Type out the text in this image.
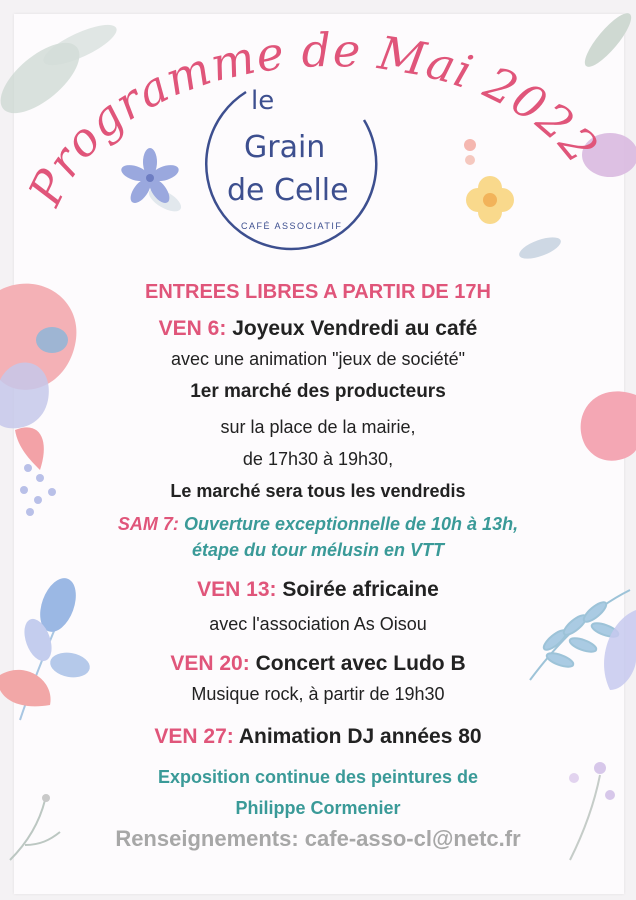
Programme de Mai 2022
le
Grain
de Celle
CAFÉ ASSOCIATIF
ENTREES LIBRES A PARTIR DE 17H
VEN 6: Joyeux Vendredi au café
avec une animation "jeux de société"
1er marché des producteurs
sur la place de la mairie,
de 17h30 à 19h30,
Le marché sera tous les vendredis
SAM 7: Ouverture exceptionnelle de 10h à 13h,
étape du tour mélusin en VTT
VEN 13: Soirée africaine
avec l'association As Oisou
VEN 20: Concert avec Ludo B
Musique rock, à partir de 19h30
VEN 27: Animation DJ années 80
Exposition continue des peintures de
Philippe Cormenier
Renseignements: cafe-asso-cl@netc.fr
